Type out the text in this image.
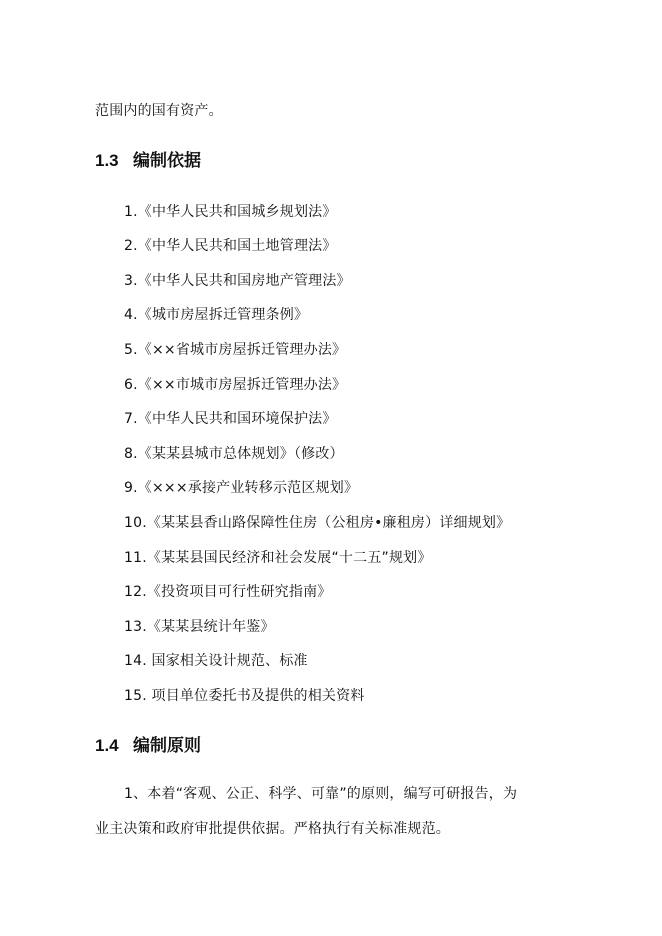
范围内的国有资产。
1.3 编制依据
1.《中华人民共和国城乡规划法》
2.《中华人民共和国土地管理法》
3.《中华人民共和国房地产管理法》
4.《城市房屋拆迁管理条例》
5.《××省城市房屋拆迁管理办法》
6.《××市城市房屋拆迁管理办法》
7.《中华人民共和国环境保护法》
8.《某某县城市总体规划》（修改）
9.《×××承接产业转移示范区规划》
10.《某某县香山路保障性住房（公租房•廉租房）详细规划》
11.《某某县国民经济和社会发展“十二五”规划》
12.《投资项目可行性研究指南》
13.《某某县统计年鉴》
14. 国家相关设计规范、标准
15. 项目单位委托书及提供的相关资料
1.4 编制原则
1、本着“客观、公正、科学、可靠”的原则，编写可研报告，为
业主决策和政府审批提供依据。严格执行有关标准规范。
